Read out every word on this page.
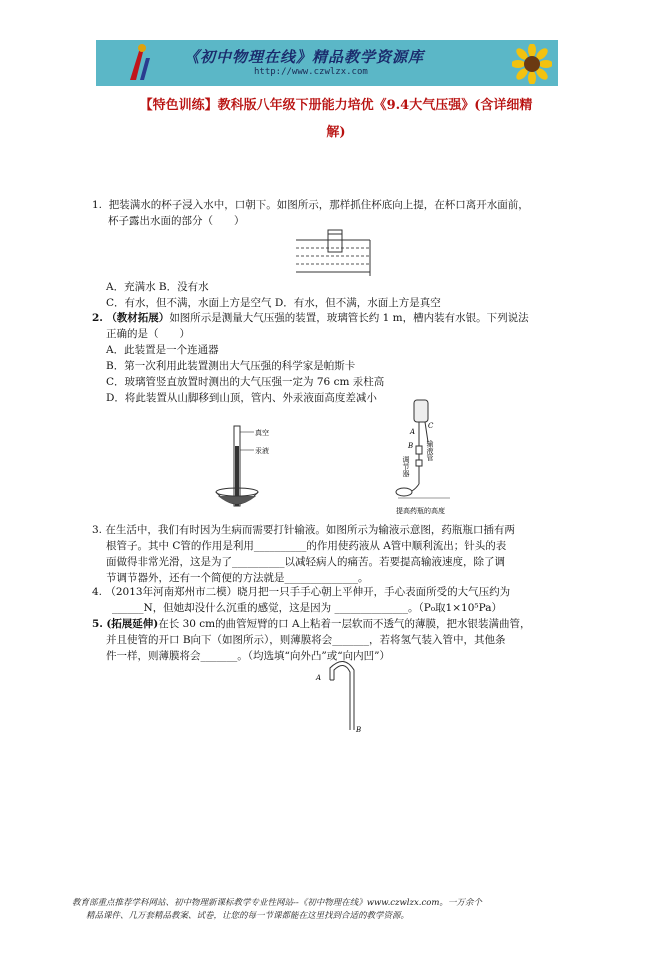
《初中物理在线》精品教学资源库
http://www.czwlzx.com
【特色训练】教科版八年级下册能力培优《9.4大气压强》(含详细精
解)
1. 把装满水的杯子浸入水中，口朝下。如图所示，那样抓住杯底向上提，在杯口离开水面前，
杯子露出水面的部分（　　）
A．充满水 B．没有水
C．有水，但不满，水面上方是空气 D．有水，但不满，水面上方是真空
2. （教材拓展）如图所示是测量大气压强的装置，玻璃管长约 1 m，槽内装有水银。下列说法
正确的是（　　）
A．此装置是一个连通器
B．第一次利用此装置测出大气压强的科学家是帕斯卡
C．玻璃管竖直放置时测出的大气压强一定为 76 cm 汞柱高
D．将此装置从山脚移到山顶，管内、外汞液面高度差减小
真空
汞液
C
A
B 输液管
调节器
提高药瓶的高度
3. 在生活中，我们有时因为生病而需要打针输液。如图所示为输液示意图，药瓶瓶口插有两
根管子。其中 C管的作用是利用__________的作用使药液从 A管中顺利流出；针头的表
面做得非常光滑，这是为了__________以减轻病人的痛苦。若要提高输液速度，除了调
节调节器外，还有一个简便的方法就是______________。
4. （2013年河南郑州市二模）晓月把一只手手心朝上平伸开，手心表面所受的大气压约为
______N，但她却没什么沉重的感觉，这是因为 ______________。（P₀取1×10⁵Pa）
5. (拓展延伸)在长 30 cm的曲管短臂的口 A上粘着一层软而不透气的薄膜，把水银装满曲管，
并且使管的开口 B向下（如图所示），则薄膜将会_______，若将氢气装入管中，其他条
件一样，则薄膜将会_______。（均选填“向外凸”或“向内凹”）
A
B
教育部重点推荐学科网站、初中物理新课标教学专业性网站--《初中物理在线》www.czwlzx.com。一万余个
精品课件、几万套精品教案、试卷，让您的每一节课都能在这里找到合适的教学资源。
